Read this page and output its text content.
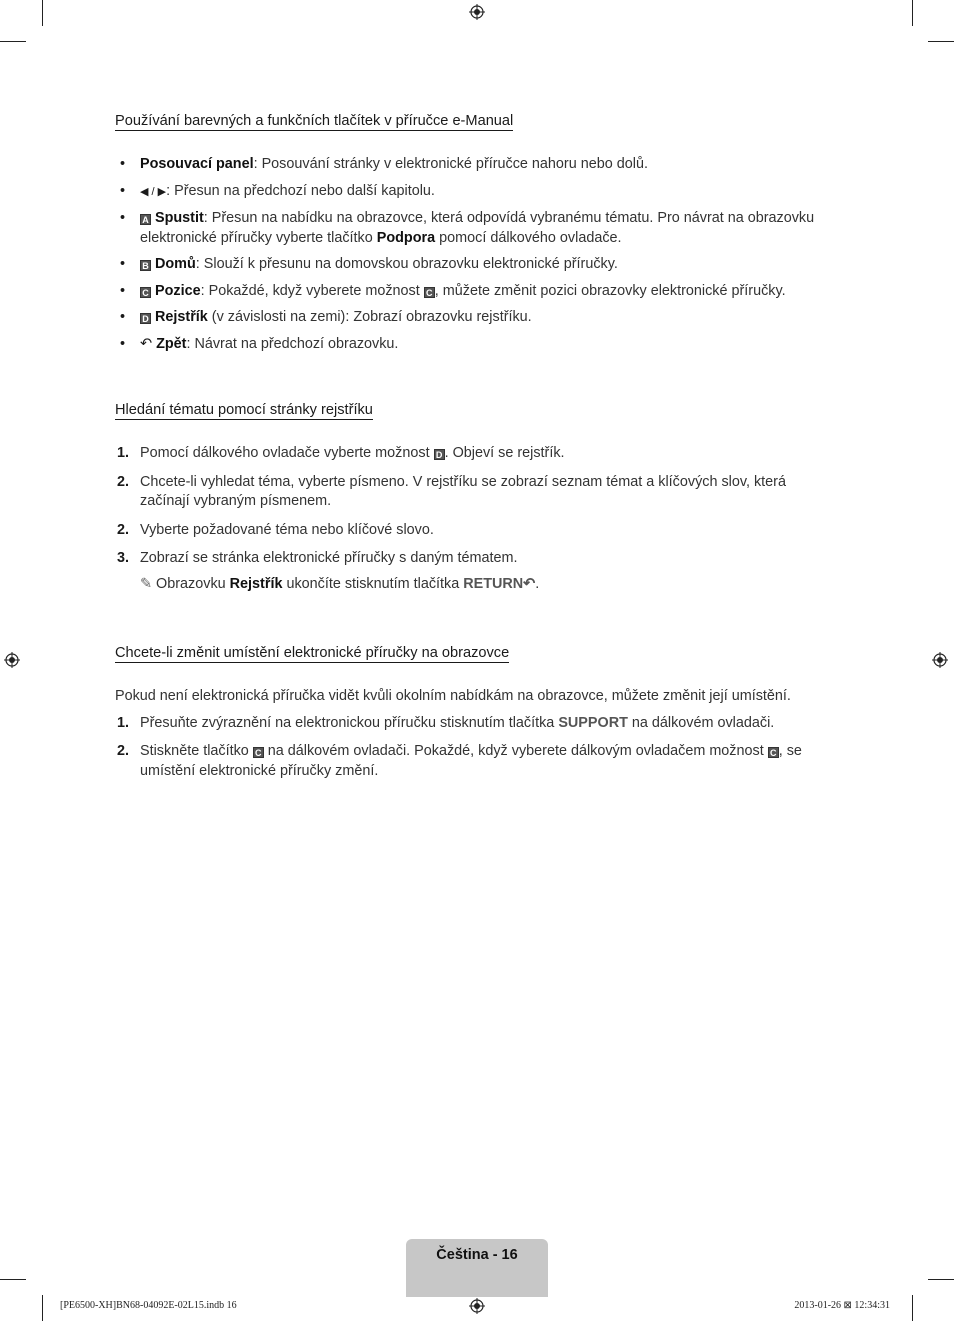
Používání barevných a funkčních tlačítek v příručce e-Manual
• Posouvací panel: Posouvání stránky v elektronické příručce nahoru nebo dolů.
• ◀ / ▶: Přesun na předchozí nebo další kapitolu.
• A Spustit: Přesun na nabídku na obrazovce, která odpovídá vybranému tématu. Pro návrat na obrazovku elektronické příručky vyberte tlačítko Podpora pomocí dálkového ovladače.
• B Domů: Slouží k přesunu na domovskou obrazovku elektronické příručky.
• C Pozice: Pokaždé, když vyberete možnost C , můžete změnit pozici obrazovky elektronické příručky.
• D Rejstřík (v závislosti na zemi): Zobrazí obrazovku rejstříku.
• ↶ Zpět: Návrat na předchozí obrazovku.
Hledání tématu pomocí stránky rejstříku
1. Pomocí dálkového ovladače vyberte možnost D . Objeví se rejstřík.
2. Chcete-li vyhledat téma, vyberte písmeno. V rejstříku se zobrazí seznam témat a klíčových slov, která začínají vybraným písmenem.
2. Vyberte požadované téma nebo klíčové slovo.
3. Zobrazí se stránka elektronické příručky s daným tématem.
✎ Obrazovku Rejstřík ukončíte stisknutím tlačítka RETURN↶.
Chcete-li změnit umístění elektronické příručky na obrazovce

Pokud není elektronická příručka vidět kvůli okolním nabídkám na obrazovce, můžete změnit její umístění.

1. Přesuňte zvýraznění na elektronickou příručku stisknutím tlačítka SUPPORT na dálkovém ovladači.
2. Stiskněte tlačítko C na dálkovém ovladači. Pokaždé, když vyberete dálkovým ovladačem možnost C , se umístění elektronické příručky změní.
Čeština - 16
[PE6500-XH]BN68-04092E-02L15.indb 16	2013-01-26 ⊠ 12:34:31
